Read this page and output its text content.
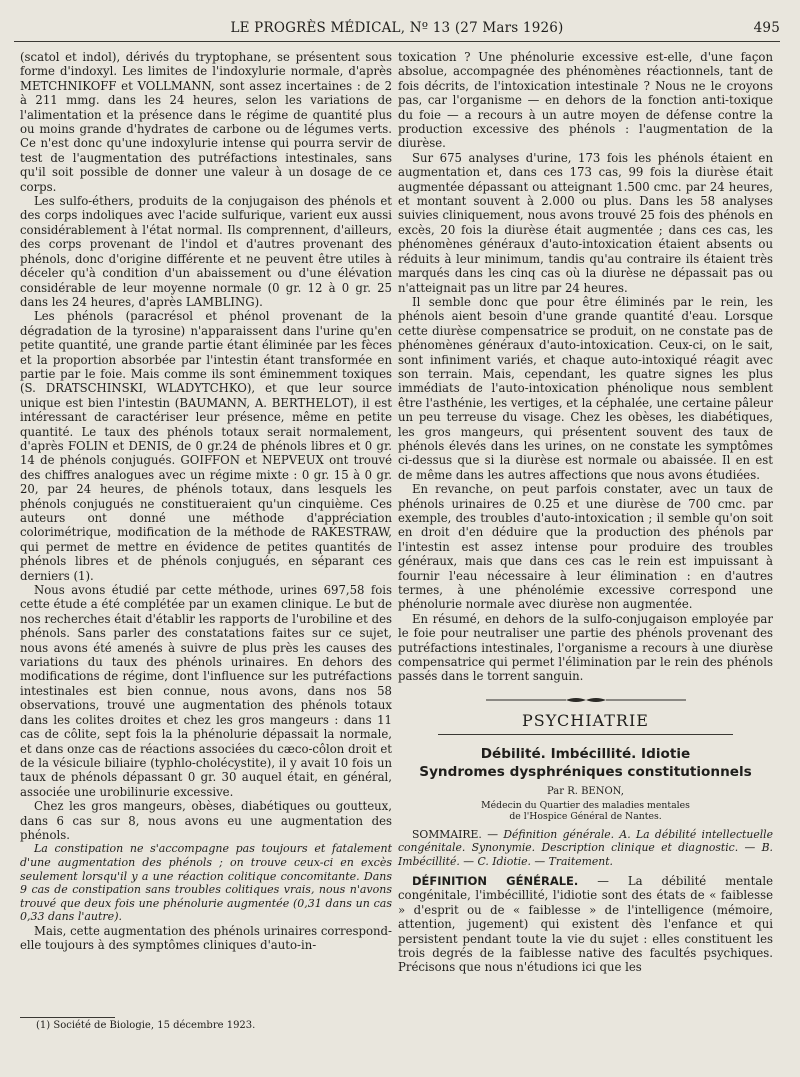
LE PROGRÈS MÉDICAL, Nº 13 (27 Mars 1926)	495

(scatol et indol), dérivés du tryptophane, se présentent sous forme d'indoxyl. Les limites de l'indoxylurie normale, d'après METCHNIKOFF et VOLLMANN, sont assez incertaines : de 2 à 211 mmg. dans les 24 heures, selon les variations de l'alimentation et la présence dans le régime de quantité plus ou moins grande d'hydrates de carbone ou de légumes verts. Ce n'est donc qu'une indoxylurie intense qui pourra servir de test de l'augmentation des putréfactions intestinales, sans qu'il soit possible de donner une valeur à un dosage de ce corps.

Les sulfo-éthers, produits de la conjugaison des phénols et des corps indoliques avec l'acide sulfurique, varient eux aussi considérablement à l'état normal. Ils comprennent, d'ailleurs, des corps provenant de l'indol et d'autres provenant des phénols, donc d'origine différente et ne peuvent être utiles à déceler qu'à condition d'un abaissement ou d'une élévation considérable de leur moyenne normale (0 gr. 12 à 0 gr. 25 dans les 24 heures, d'après LAMBLING).

Les phénols (paracrésol et phénol provenant de la dégradation de la tyrosine) n'apparaissent dans l'urine qu'en petite quantité, une grande partie étant éliminée par les fèces et la proportion absorbée par l'intestin étant transformée en partie par le foie. Mais comme ils sont éminemment toxiques (S. DRATSCHINSKI, WLADYTCHKO), et que leur source unique est bien l'intestin (BAUMANN, A. BERTHELOT), il est intéressant de caractériser leur présence, même en petite quantité. Le taux des phénols totaux serait normalement, d'après FOLIN et DENIS, de 0 gr.24 de phénols libres et 0 gr. 14 de phénols conjugués. GOIFFON et NEPVEUX ont trouvé des chiffres analogues avec un régime mixte : 0 gr. 15 à 0 gr. 20, par 24 heures, de phénols totaux, dans lesquels les phénols conjugués ne constitueraient qu'un cinquième. Ces auteurs ont donné une méthode d'appréciation colorimétrique, modification de la méthode de RAKESTRAW, qui permet de mettre en évidence de petites quantités de phénols libres et de phénols conjugués, en séparant ces derniers (1).

Nous avons étudié par cette méthode, urines 697,58 fois cette étude a été complétée par un examen clinique. Le but de nos recherches était d'établir les rapports de l'urobiline et des phénols. Sans parler des constatations faites sur ce sujet, nous avons été amenés à suivre de plus près les causes des variations du taux des phénols urinaires. En dehors des modifications de régime, dont l'influence sur les putréfactions intestinales est bien connue, nous avons, dans nos 58 observations, trouvé une augmentation des phénols totaux dans les colites droites et chez les gros mangeurs : dans 11 cas de côlite, sept fois la la phénolurie dépassait la normale, et dans onze cas de réactions associées du cæco-côlon droit et de la vésicule biliaire (typhlo-cholécystite), il y avait 10 fois un taux de phénols dépassant 0 gr. 30 auquel était, en général, associée une urobilinurie excessive.

Chez les gros mangeurs, obèses, diabétiques ou goutteux, dans 6 cas sur 8, nous avons eu une augmentation des phénols.

La constipation ne s'accompagne pas toujours et fatalement d'une augmentation des phénols ; on trouve ceux-ci en excès seulement lorsqu'il y a une réaction colitique concomitante. Dans 9 cas de constipation sans troubles colitiques vrais, nous n'avons trouvé que deux fois une phénolurie augmentée (0,31 dans un cas 0,33 dans l'autre).

Mais, cette augmentation des phénols urinaires correspond-elle toujours à des symptômes cliniques d'auto-in-

(1) Société de Biologie, 15 décembre 1923.

toxication ? Une phénolurie excessive est-elle, d'une façon absolue, accompagnée des phénomènes réactionnels, tant de fois décrits, de l'intoxication intestinale ? Nous ne le croyons pas, car l'organisme — en dehors de la fonction anti-toxique du foie — a recours à un autre moyen de défense contre la production excessive des phénols : l'augmentation de la diurèse.

Sur 675 analyses d'urine, 173 fois les phénols étaient en augmentation et, dans ces 173 cas, 99 fois la diurèse était augmentée dépassant ou atteignant 1.500 cmc. par 24 heures, et montant souvent à 2.000 ou plus. Dans les 58 analyses suivies cliniquement, nous avons trouvé 25 fois des phénols en excès, 20 fois la diurèse était augmentée ; dans ces cas, les phénomènes généraux d'auto-intoxication étaient absents ou réduits à leur minimum, tandis qu'au contraire ils étaient très marqués dans les cinq cas où la diurèse ne dépassait pas ou n'atteignait pas un litre par 24 heures.

Il semble donc que pour être éliminés par le rein, les phénols aient besoin d'une grande quantité d'eau. Lorsque cette diurèse compensatrice se produit, on ne constate pas de phénomènes généraux d'auto-intoxication. Ceux-ci, on le sait, sont infiniment variés, et chaque auto-intoxiqué réagit avec son terrain. Mais, cependant, les quatre signes les plus immédiats de l'auto-intoxication phénolique nous semblent être l'asthénie, les vertiges, et la céphalée, une certaine pâleur un peu terreuse du visage. Chez les obèses, les diabétiques, les gros mangeurs, qui présentent souvent des taux de phénols élevés dans les urines, on ne constate les symptômes ci-dessus que si la diurèse est normale ou abaissée. Il en est de même dans les autres affections que nous avons étudiées.

En revanche, on peut parfois constater, avec un taux de phénols urinaires de 0.25 et une diurèse de 700 cmc. par exemple, des troubles d'auto-intoxication ; il semble qu'on soit en droit d'en déduire que la production des phénols par l'intestin est assez intense pour produire des troubles généraux, mais que dans ces cas le rein est impuissant à fournir l'eau nécessaire à leur élimination : en d'autres termes, à une phénolémie excessive correspond une phénolurie normale avec diurèse non augmentée.

En résumé, en dehors de la sulfo-conjugaison employée par le foie pour neutraliser une partie des phénols provenant des putréfactions intestinales, l'organisme a recours à une diurèse compensatrice qui permet l'élimination par le rein des phénols passés dans le torrent sanguin.

PSYCHIATRIE
Débilité. Imbécillité. Idiotie
Syndromes dysphréniques constitutionnels
Par R. BENON,
Médecin du Quartier des maladies mentales
de l'Hospice Général de Nantes.

SOMMAIRE. — Définition générale. A. La débilité intellectuelle congénitale. Synonymie. Description clinique et diagnostic. — B. Imbécillité. — C. Idiotie. — Traitement.

DÉFINITION GÉNÉRALE. — La débilité mentale congénitale, l'imbécillité, l'idiotie sont des états de « faiblesse » d'esprit ou de « faiblesse » de l'intelligence (mémoire, attention, jugement) qui existent dès l'enfance et qui persistent pendant toute la vie du sujet : elles constituent les trois degrés de la faiblesse native des facultés psychiques. Précisons que nous n'étudions ici que les
